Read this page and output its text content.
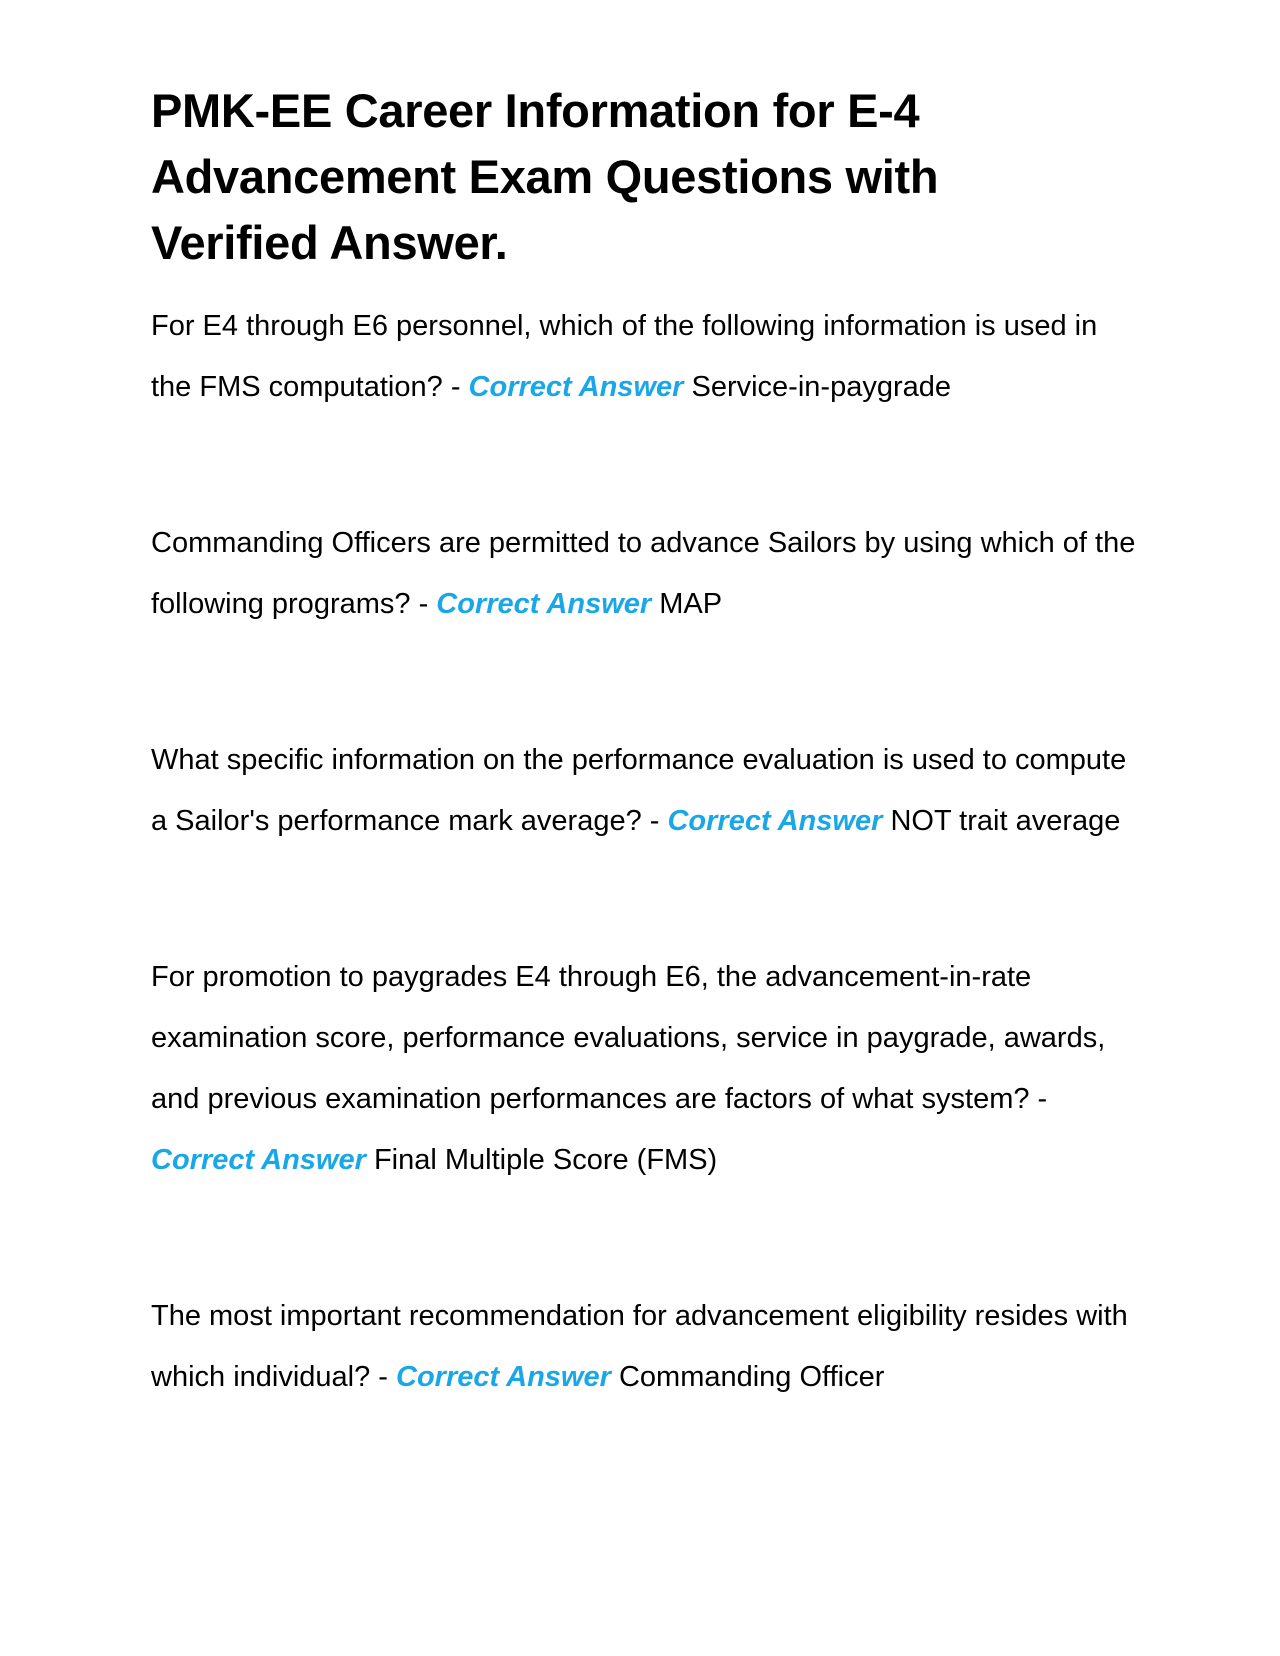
PMK-EE Career Information for E-4 Advancement Exam Questions with Verified Answer.

For E4 through E6 personnel, which of the following information is used in the FMS computation? - Correct Answer Service-in-paygrade

Commanding Officers are permitted to advance Sailors by using which of the following programs? - Correct Answer MAP

What specific information on the performance evaluation is used to compute a Sailor's performance mark average? - Correct Answer NOT trait average

For promotion to paygrades E4 through E6, the advancement-in-rate examination score, performance evaluations, service in paygrade, awards, and previous examination performances are factors of what system? - Correct Answer Final Multiple Score (FMS)

The most important recommendation for advancement eligibility resides with which individual? - Correct Answer Commanding Officer
